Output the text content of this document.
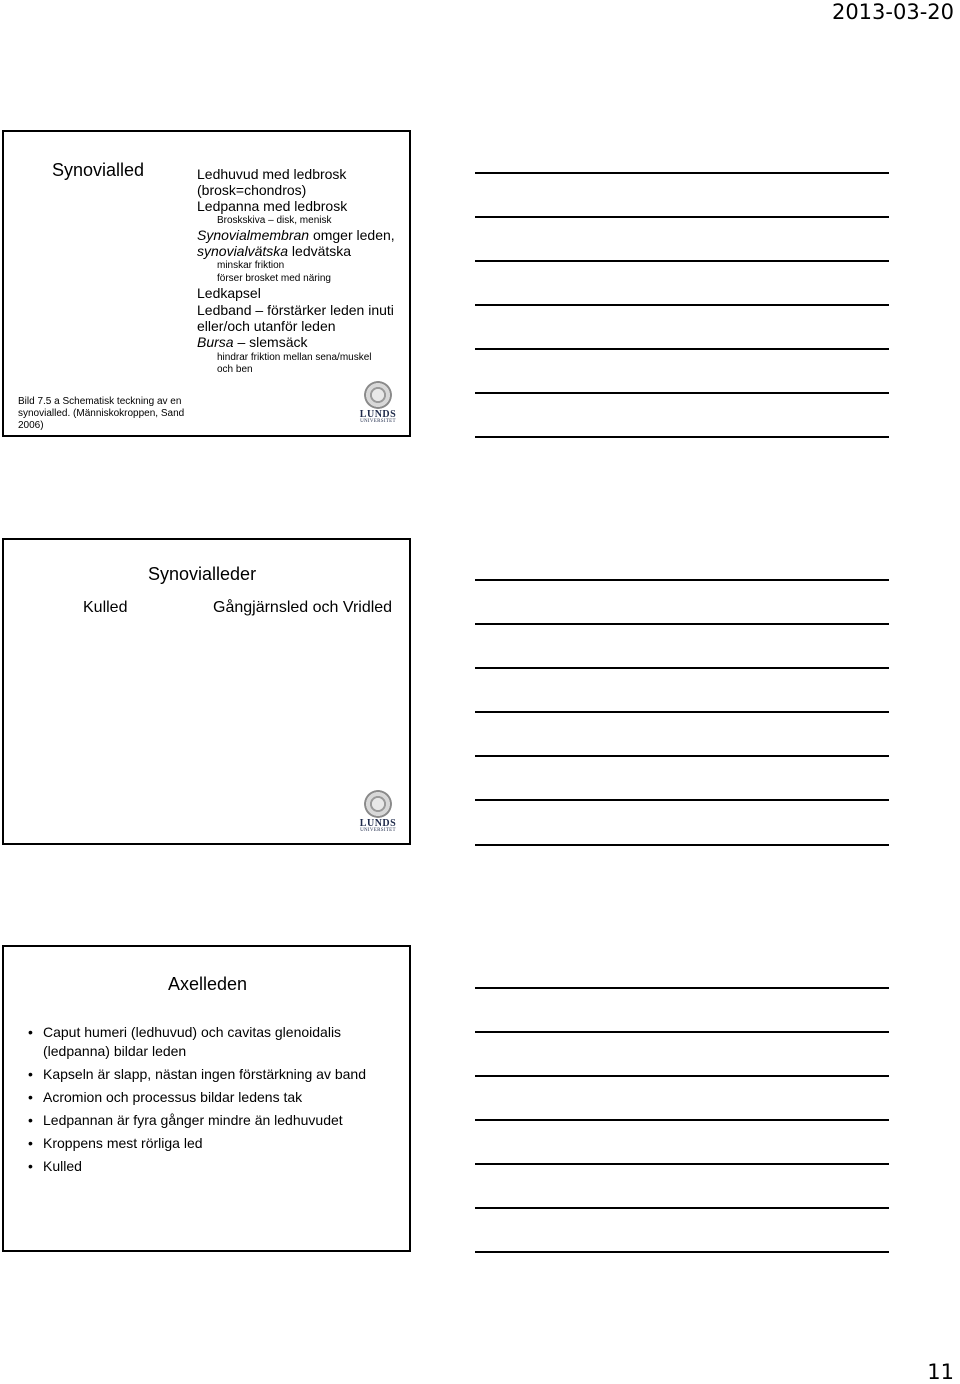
2013-03-20
Synovialled	Ledhuvud med ledbrosk
(brosk=chondros)
Ledpanna med ledbrosk
Broskskiva – disk, menisk
Synovialmembran omger leden,
synovialvätska ledvätska
minskar friktion
förser brosket med näring
Ledkapsel
Ledband – förstärker leden inuti
eller/och utanför leden
Bursa – slemsäck
hindrar friktion mellan sena/muskel
och ben
Bild 7.5 a Schematisk teckning av en
synovialled. (Människokroppen, Sand
2006)
LUNDS
UNIVERSITET
Synovialleder
Kulled	Gångjärnsled och Vridled
LUNDS
UNIVERSITET
Axelleden
• Caput humeri (ledhuvud) och cavitas glenoidalis
(ledpanna) bildar leden
• Kapseln är slapp, nästan ingen förstärkning av band
• Acromion och processus bildar ledens tak
• Ledpannan är fyra gånger mindre än ledhuvudet
• Kroppens mest rörliga led
• Kulled
11
